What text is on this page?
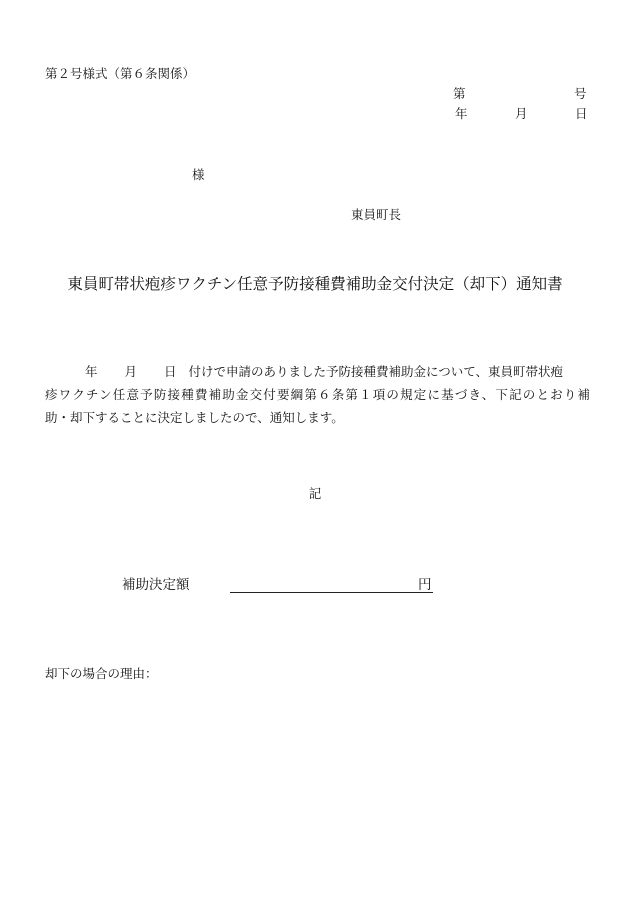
第２号様式（第６条関係）
第	号
年	月	日
様
東員町長
東員町帯状疱疹ワクチン任意予防接種費補助金交付決定（却下）通知書
年 月 日 付けで申請のありました予防接種費補助金について、東員町帯状疱
疹ワクチン任意予防接種費補助金交付要綱第６条第１項の規定に基づき、下記のとおり補
助・却下することに決定しましたので、通知します。
記
補助決定額	円
却下の場合の理由：
